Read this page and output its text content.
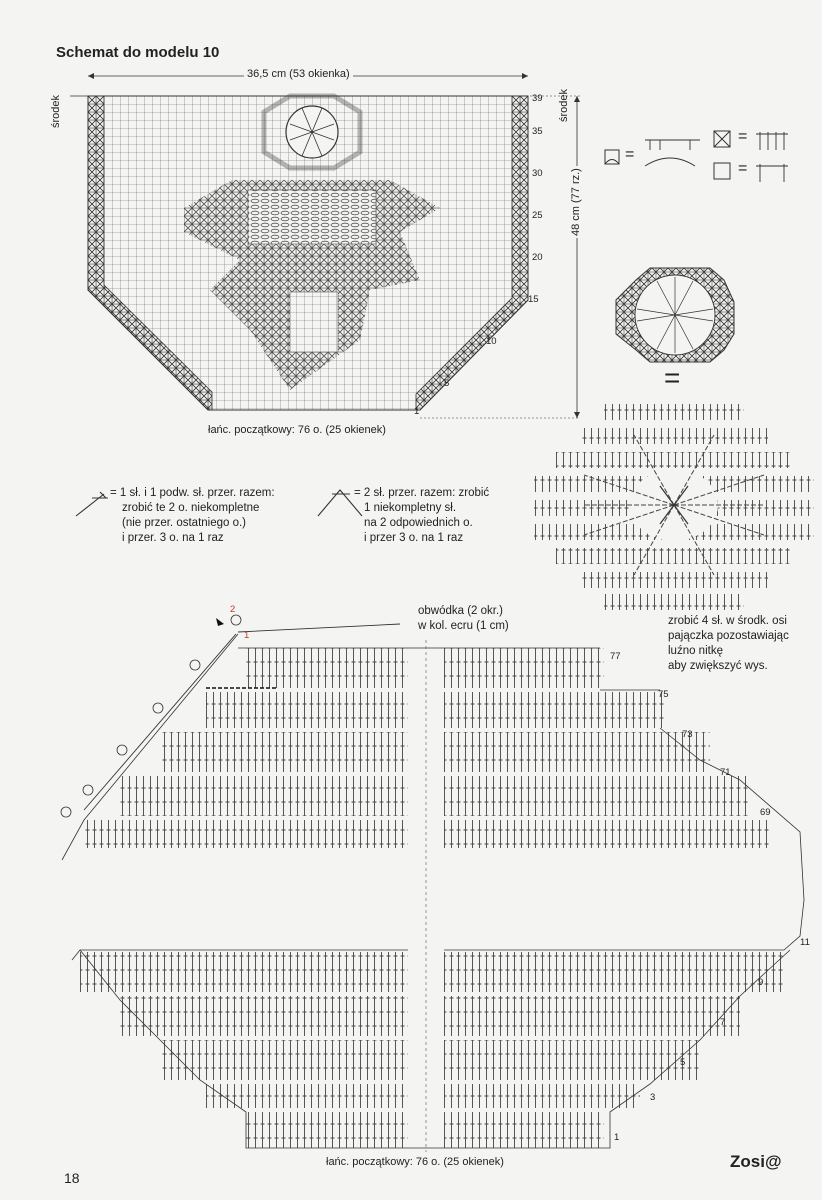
Schemat do modelu 10
36,5 cm (53 okienka)
środek	środek
48 cm (77 rz.)
łańc. początkowy: 76 o. (25 okienek)
39
35
30
25
20
15
10
5
1
=
=
=
=
= 1 sł. i 1 podw. sł. przer. razem:
zrobić te 2 o. niekompletne
(nie przer. ostatniego o.)
i przer. 3 o. na 1 raz
= 2 sł. przer. razem: zrobić
1 niekompletny sł.
na 2 odpowiednich o.
i przer 3 o. na 1 raz
zrobić 4 sł. w środk. osi
pajączka pozostawiając
luźno nitkę
aby zwiększyć wys.
obwódka (2 okr.)
w kol. ecru (1 cm)
77
75
73
71
69
11
9
7
5
3
1
2
1
łańc. początkowy: 76 o. (25 okienek)
18
Zosi@
